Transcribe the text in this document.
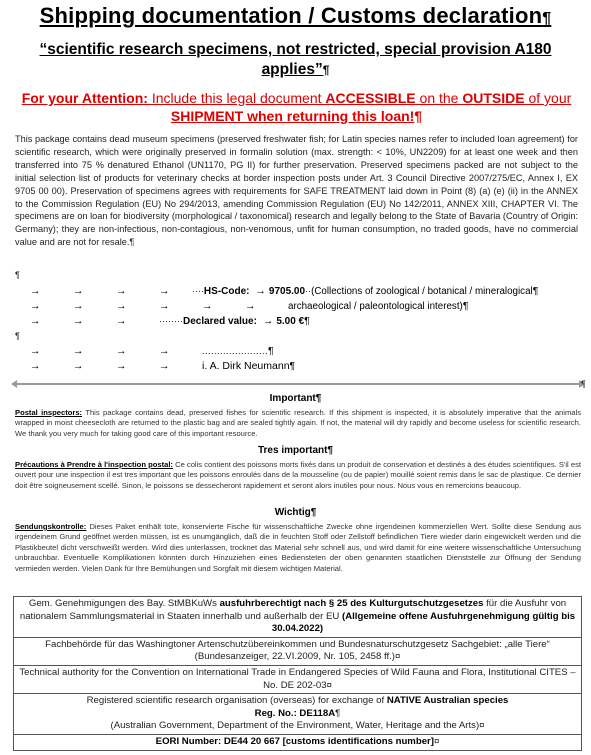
Shipping documentation / Customs declaration¶
“scientific research specimens, not restricted, special provision A180 applies”¶
For your Attention: Include this legal document ACCESSIBLE on the OUTSIDE of your SHIPMENT when returning this loan!¶
This package contains dead museum specimens (preserved freshwater fish; for Latin species names refer to included loan agreement) for scientific research, which were originally preserved in formalin solution (max. strength: < 10%, UN2209) for at least one week and then transferred into 75 % denatured Ethanol (UN1170, PG II) for further preservation. Preserved specimens packed are not subject to the initial selection list of products for veterinary checks at border inspection posts under Art. 3 Council Directive 2007/275/EC, Annex I, EX 9705 00 00). Preservation of specimens agrees with requirements for SAFE TREATMENT laid down in Point (8) (a) (e) (ii) in the ANNEX to the Commission Regulation (EU) No 294/2013, amending Commission Regulation (EU) No 142/2011, ANNEX XIII, CHAPTER VI. The specimens are on loan for biodiversity (morphological / taxonomical) research and legally belong to the State of Bavaria (Country of Origin: Germany); they are non-infectious, non-contagious, non-venomous, unfit for human consumption, no traded goods, have no commercial value and are not for resale.¶
¶
→	→	→	→ ····HS-Code: → 9705.00··(Collections of zoological / botanical / mineralogical¶
→	→	→	→	→	→	archaeological / paleontological interest)¶
→	→	→	········Declared value: → 5.00 €¶
¶
→	→	→	→	......................¶
→	→	→	→	i. A. Dirk Neumann¶
¶
Important¶
Postal inspectors: This package contains dead, preserved fishes for scientific research. If this shipment is inspected, it is absolutely imperative that the animals wrapped in moist cheesecloth are returned to the plastic bag and are sealed tightly again. If not, the material will dry rapidly and become useless for scientific research. We thank you very much for taking good care of this important resource.
Tres important¶
Précautions à Prendre à l'inspection postal: Ce colis contient des poissons morts fixés dans un produit de conservation et destinés à des études scientifiques. S'il est ouvert pour une inspection il est tres important que les poissons enroulés dans de la mousseline (ou de papier) mouillé soient remis dans le sac de plastique. Ce dernier doit être soigneusement scellé. Sinon, le poissons se dessecheront rapidement et seront alors inutiles pour nous. Nous vous en remercions beaucoup.
Wichtig¶
Sendungskontrolle: Dieses Paket enthält tote, konservierte Fische für wissenschaftliche Zwecke ohne irgendeinen kommerziellen Wert. Sollte diese Sendung aus irgendeinem Grund geöffnet werden müssen, ist es unumgänglich, daß die in feuchten Stoff oder Zellstoff befindlichen Tiere wieder darin eingewickelt werden und die Plastikbeutel dicht verschweißt werden. Wird dies unterlassen, trocknet das Material sehr schnell aus, und wird damit für eine weitere wissenschaftliche Untersuchung unbrauchbar. Eventuelle Komplikationen könnten durch Hinzuziehen eines Bediensteten der oben genannten staatlichen Dienststelle zur Öffnung der Sendung vermieden werden. Vielen Dank für Ihre Bemühungen und Sorgfalt mit diesem wichtigen Material.
Gem. Genehmigungen des Bay. StMBKuWs ausfuhrberechtigt nach § 25 des Kulturgutschutzgesetzes für die Ausfuhr von nationalem Sammlungsmaterial in Staaten innerhalb und außerhalb der EU (Allgemeine offene Ausfuhrgenehmigung gültig bis 30.04.2022)
Fachbehörde für das Washingtoner Artenschutzübereinkommen und Bundesnaturschutzgesetz Sachgebiet: „alle Tiere“ (Bundesanzeiger, 22.VI.2009, Nr. 105, 2458 ff.)¤
Technical authority for the Convention on International Trade in Endangered Species of Wild Fauna and Flora, Institutional CITES – No. DE 202-03¤
Registered scientific research organisation (overseas) for exchange of NATIVE Australian species
Reg. No.: DE118A¶
(Australian Government, Department of the Environment, Water, Heritage and the Arts)¤
EORI Number: DE44 20 667 [customs identifications number]¤
